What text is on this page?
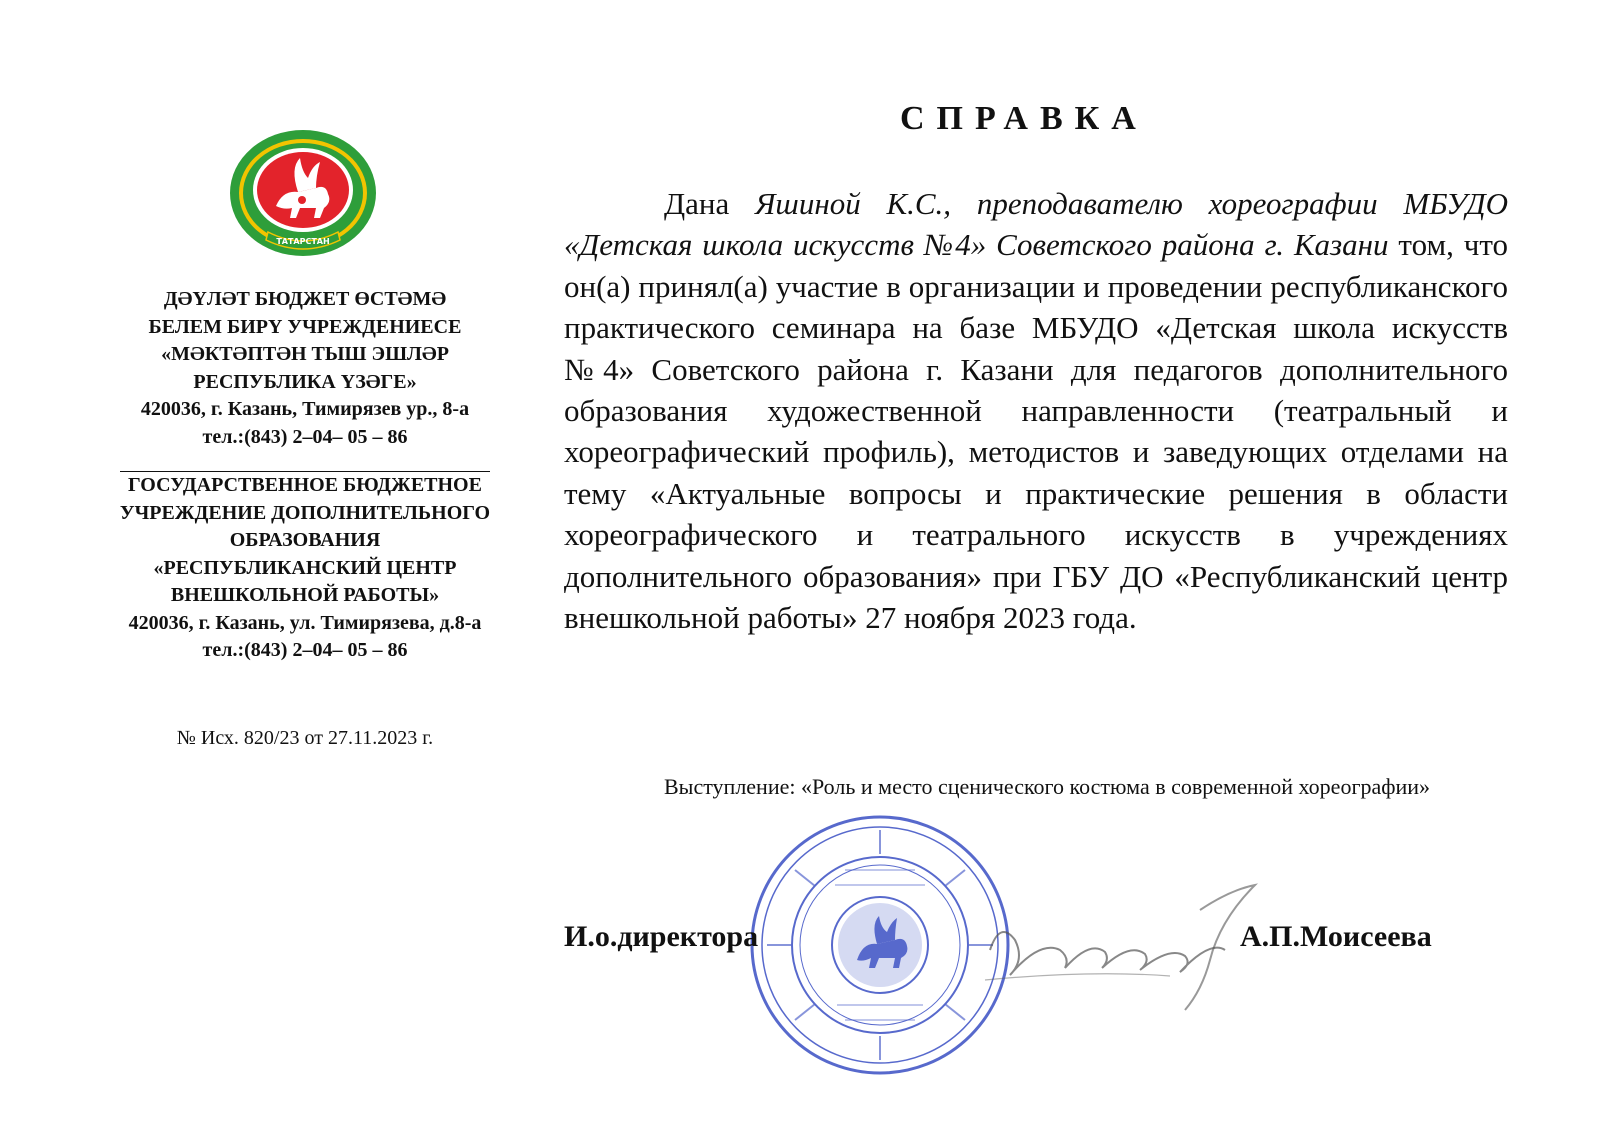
ТАТАРСТАН
ДӘҮЛӘТ БЮДЖЕТ ӨСТӘМӘ
БЕЛЕМ БИРҮ УЧРЕЖДЕНИЕСЕ
«МӘКТӘПТӘН ТЫШ ЭШЛӘР
РЕСПУБЛИКА ҮЗӘГЕ»
420036, г. Казань, Тимирязев ур., 8-а
тел.:(843) 2–04– 05 – 86
ГОСУДАРСТВЕННОЕ БЮДЖЕТНОЕ
УЧРЕЖДЕНИЕ ДОПОЛНИТЕЛЬНОГО
ОБРАЗОВАНИЯ
«РЕСПУБЛИКАНСКИЙ ЦЕНТР
ВНЕШКОЛЬНОЙ РАБОТЫ»
420036, г. Казань, ул. Тимирязева, д.8-а
тел.:(843) 2–04– 05 – 86
№ Исх. 820/23 от 27.11.2023 г.
СПРАВКА
Дана Яшиной К.С., преподавателю хореографии МБУДО «Детская школа искусств №4» Советского района г. Казани том, что он(а) принял(а) участие в организации и проведении республиканского практического семинара на базе МБУДО «Детская школа искусств №4» Советского района г. Казани для педагогов дополнительного образования художественной направленности (театральный и хореографический профиль), методистов и заведующих отделами на тему «Актуальные вопросы и практические решения в области хореографического и театрального искусств в учреждениях дополнительного образования» при ГБУ ДО «Республиканский центр внешкольной работы» 27 ноября 2023 года.
Выступление: «Роль и место сценического костюма в современной хореографии»
И.о.директора	А.П.Моисеева
